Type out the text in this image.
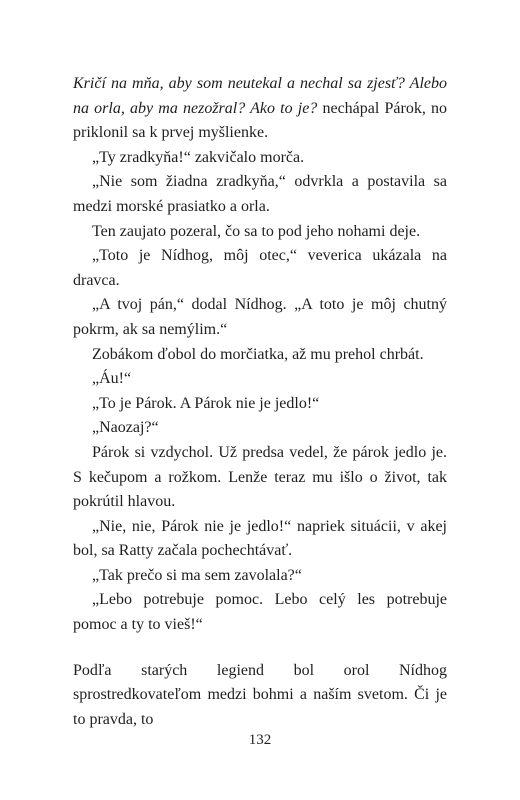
Kričí na mňa, aby som neutekal a nechal sa zjesť? Alebo na orla, aby ma nezožral? Ako to je? nechápal Párok, no priklonil sa k prvej myšlienke.

„Ty zradkyňa!“ zakvičalo morča.

„Nie som žiadna zradkyňa,“ odvrkla a postavila sa medzi morské prasiatko a orla.

Ten zaujato pozeral, čo sa to pod jeho nohami deje.

„Toto je Nídhog, môj otec,“ veverica ukázala na dravca.

„A tvoj pán,“ dodal Nídhog. „A toto je môj chutný pokrm, ak sa nemýlim.“

Zobákom ďobol do morčiatka, až mu prehol chrbát.

„Áu!“

„To je Párok. A Párok nie je jedlo!“

„Naozaj?“

Párok si vzdychol. Už predsa vedel, že párok jedlo je. S kečupom a rožkom. Lenže teraz mu išlo o život, tak pokrútil hlavou.

„Nie, nie, Párok nie je jedlo!“ napriek situácii, v akej bol, sa Ratty začala pochechtávať.

„Tak prečo si ma sem zavolala?“

„Lebo potrebuje pomoc. Lebo celý les potrebuje pomoc a ty to vieš!“

Podľa starých legiend bol orol Nídhog sprostredkovateľom medzi bohmi a naším svetom. Či je to pravda, to

132
